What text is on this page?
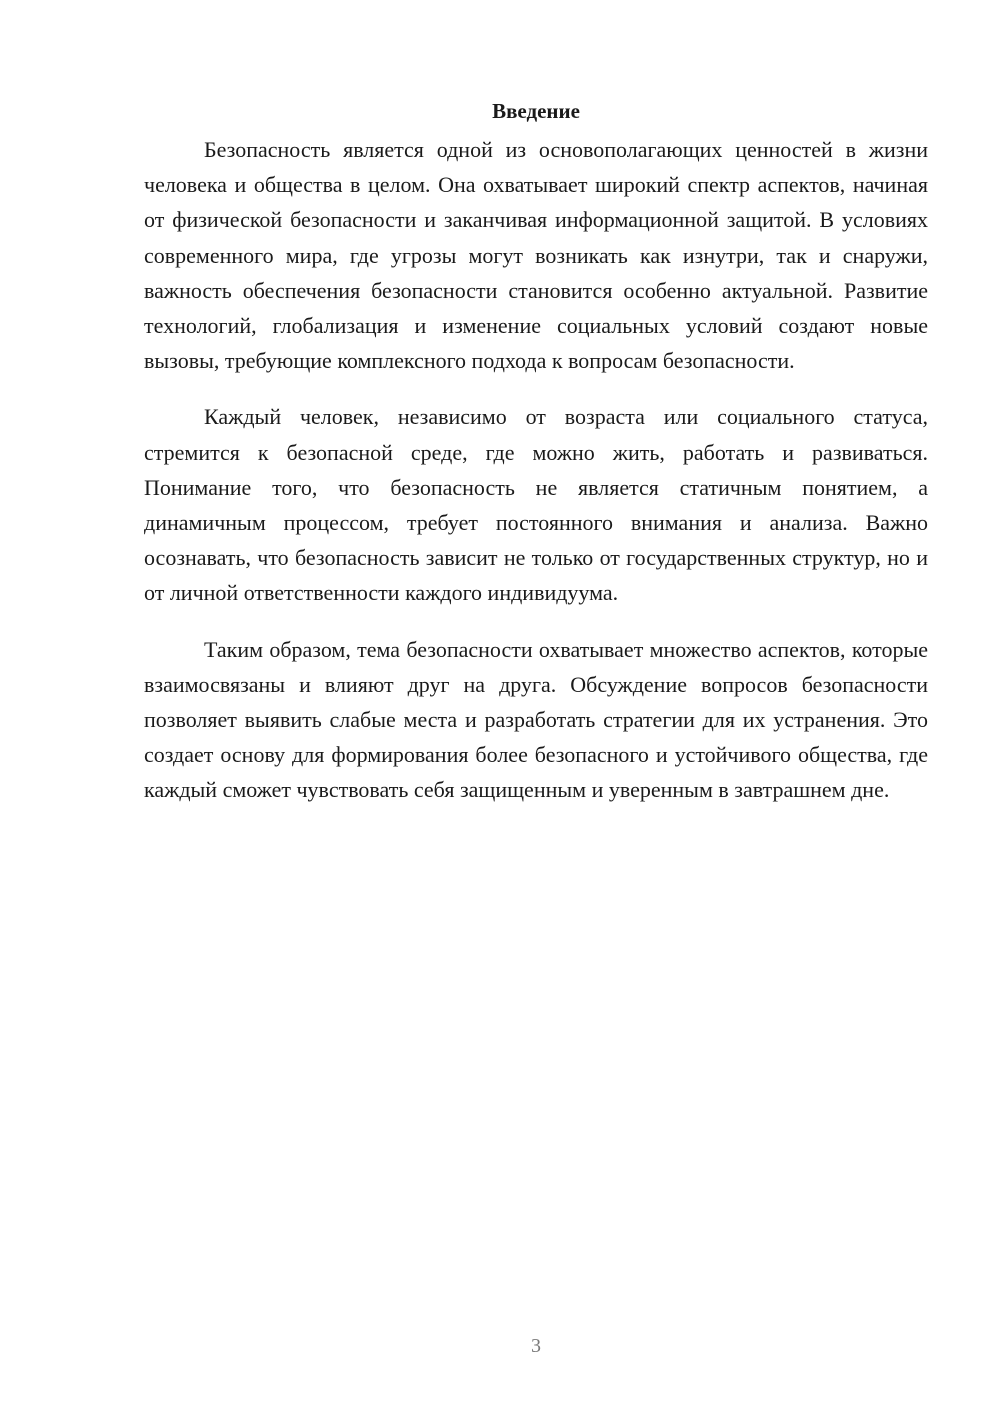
Введение

Безопасность является одной из основополагающих ценностей в жизни человека и общества в целом. Она охватывает широкий спектр аспектов, начиная от физической безопасности и заканчивая информационной защитой. В условиях современного мира, где угрозы могут возникать как изнутри, так и снаружи, важность обеспечения безопасности становится особенно актуальной. Развитие технологий, глобализация и изменение социальных условий создают новые вызовы, требующие комплексного подхода к вопросам безопасности.

Каждый человек, независимо от возраста или социального статуса, стремится к безопасной среде, где можно жить, работать и развиваться. Понимание того, что безопасность не является статичным понятием, а динамичным процессом, требует постоянного внимания и анализа. Важно осознавать, что безопасность зависит не только от государственных структур, но и от личной ответственности каждого индивидуума.

Таким образом, тема безопасности охватывает множество аспектов, которые взаимосвязаны и влияют друг на друга. Обсуждение вопросов безопасности позволяет выявить слабые места и разработать стратегии для их устранения. Это создает основу для формирования более безопасного и устойчивого общества, где каждый сможет чувствовать себя защищенным и уверенным в завтрашнем дне.

3
